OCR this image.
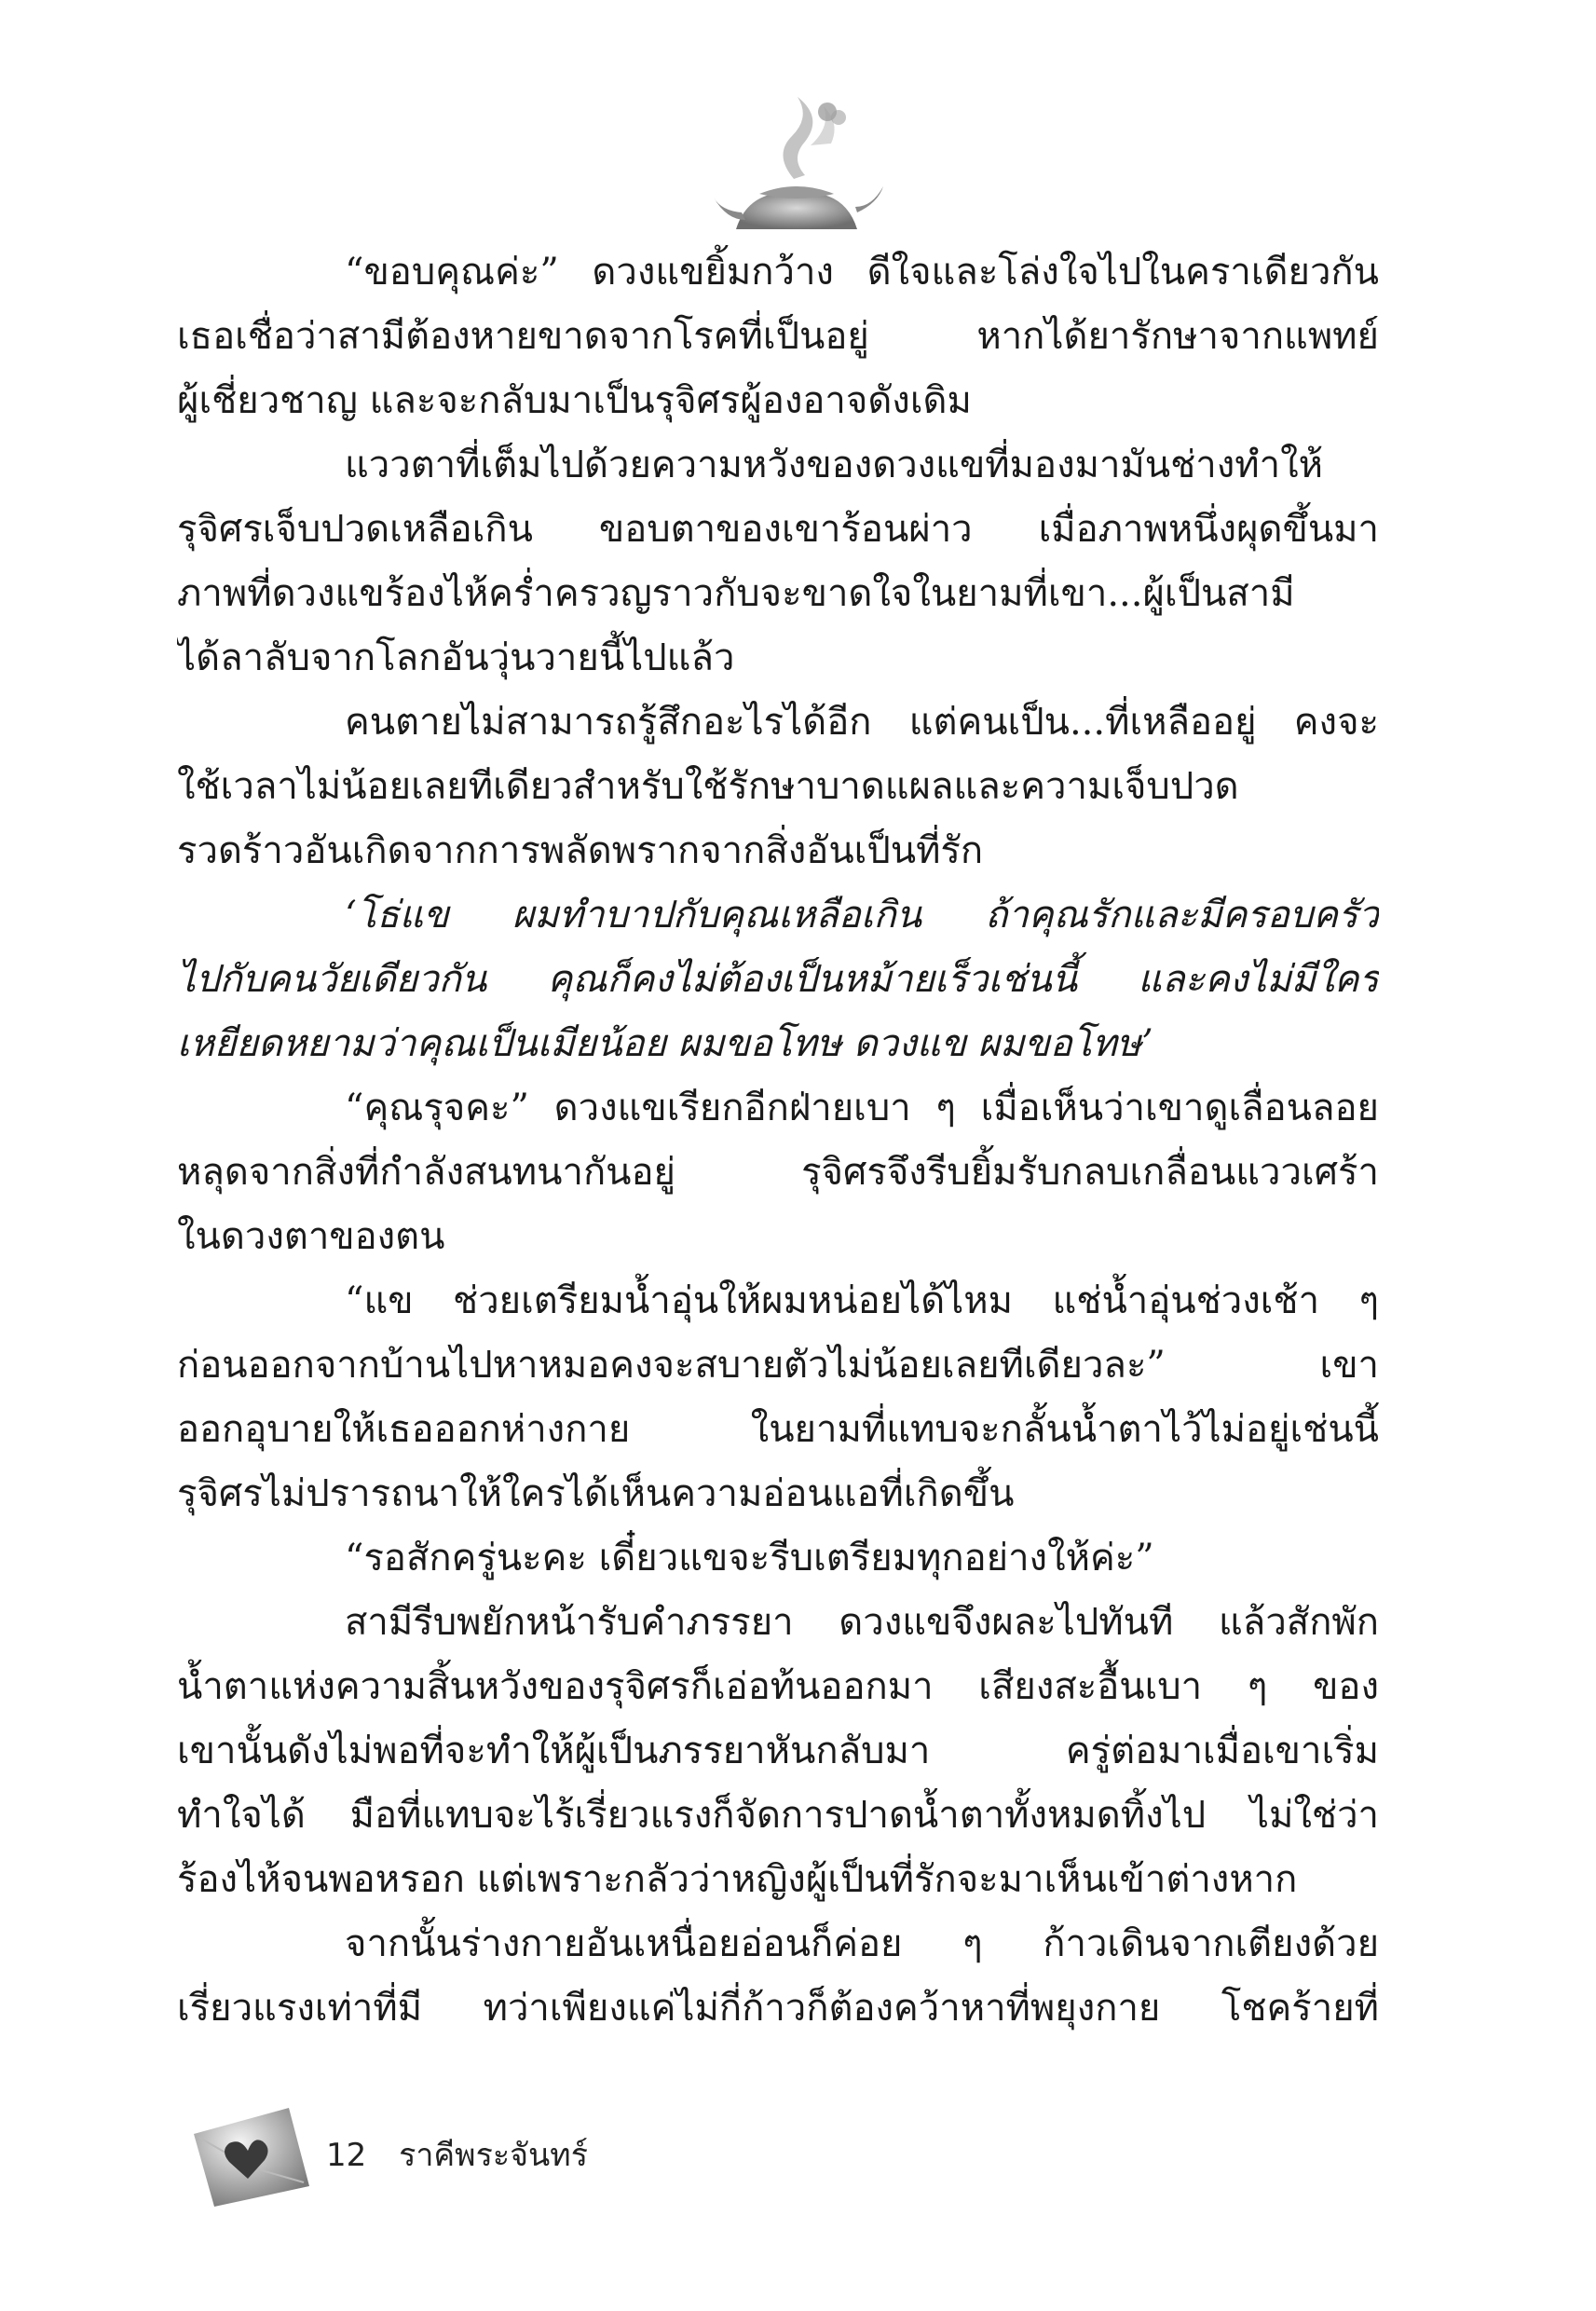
“ขอบคุณค่ะ” ดวงแขยิ้มกว้าง ดีใจและโล่งใจไปในคราเดียวกัน
เธอเชื่อว่าสามีต้องหายขาดจากโรคที่เป็นอยู่ หากได้ยารักษาจากแพทย์
ผู้เชี่ยวชาญ และจะกลับมาเป็นรุจิศรผู้องอาจดังเดิม
แววตาที่เต็มไปด้วยความหวังของดวงแขที่มองมามันช่างทำให้
รุจิศรเจ็บปวดเหลือเกิน ขอบตาของเขาร้อนผ่าว เมื่อภาพหนึ่งผุดขึ้นมา
ภาพที่ดวงแขร้องไห้คร่ำครวญราวกับจะขาดใจในยามที่เขา...ผู้เป็นสามี
ได้ลาลับจากโลกอันวุ่นวายนี้ไปแล้ว
คนตายไม่สามารถรู้สึกอะไรได้อีก แต่คนเป็น...ที่เหลืออยู่ คงจะ
ใช้เวลาไม่น้อยเลยทีเดียวสำหรับใช้รักษาบาดแผลและความเจ็บปวด
รวดร้าวอันเกิดจากการพลัดพรากจากสิ่งอันเป็นที่รัก
‘โธ่แข ผมทำบาปกับคุณเหลือเกิน ถ้าคุณรักและมีครอบครัว
ไปกับคนวัยเดียวกัน คุณก็คงไม่ต้องเป็นหม้ายเร็วเช่นนี้ และคงไม่มีใคร
เหยียดหยามว่าคุณเป็นเมียน้อย ผมขอโทษ ดวงแข ผมขอโทษ’
“คุณรุจคะ” ดวงแขเรียกอีกฝ่ายเบา ๆ เมื่อเห็นว่าเขาดูเลื่อนลอย
หลุดจากสิ่งที่กำลังสนทนากันอยู่ รุจิศรจึงรีบยิ้มรับกลบเกลื่อนแววเศร้า
ในดวงตาของตน
“แข ช่วยเตรียมน้ำอุ่นให้ผมหน่อยได้ไหม แช่น้ำอุ่นช่วงเช้า ๆ
ก่อนออกจากบ้านไปหาหมอคงจะสบายตัวไม่น้อยเลยทีเดียวละ” เขา
ออกอุบายให้เธอออกห่างกาย ในยามที่แทบจะกลั้นน้ำตาไว้ไม่อยู่เช่นนี้
รุจิศรไม่ปรารถนาให้ใครได้เห็นความอ่อนแอที่เกิดขึ้น
“รอสักครู่นะคะ เดี๋ยวแขจะรีบเตรียมทุกอย่างให้ค่ะ”
สามีรีบพยักหน้ารับคำภรรยา ดวงแขจึงผละไปทันที แล้วสักพัก
น้ำตาแห่งความสิ้นหวังของรุจิศรก็เอ่อท้นออกมา เสียงสะอื้นเบา ๆ ของ
เขานั้นดังไม่พอที่จะทำให้ผู้เป็นภรรยาหันกลับมา ครู่ต่อมาเมื่อเขาเริ่ม
ทำใจได้ มือที่แทบจะไร้เรี่ยวแรงก็จัดการปาดน้ำตาทั้งหมดทิ้งไป ไม่ใช่ว่า
ร้องไห้จนพอหรอก แต่เพราะกลัวว่าหญิงผู้เป็นที่รักจะมาเห็นเข้าต่างหาก
จากนั้นร่างกายอันเหนื่อยอ่อนก็ค่อย ๆ ก้าวเดินจากเตียงด้วย
เรี่ยวแรงเท่าที่มี ทว่าเพียงแค่ไม่กี่ก้าวก็ต้องคว้าหาที่พยุงกาย โชคร้ายที่
12 ราคีพระจันทร์
